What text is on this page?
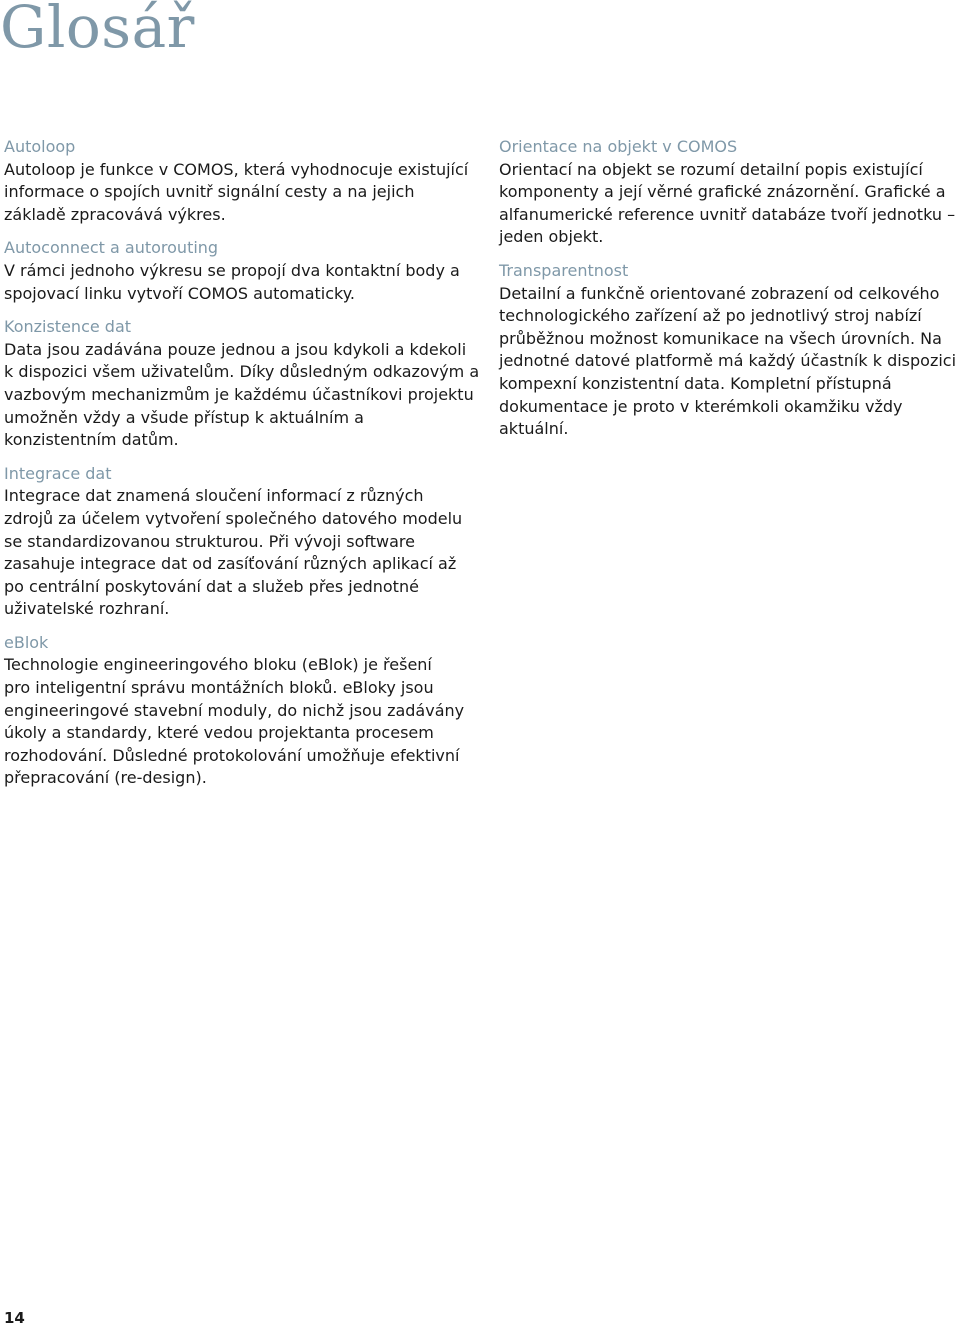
Glosář
Autoloop
Autoloop je funkce v COMOS, která vyhodnocuje existující
informace o spojích uvnitř signální cesty a na jejich
základě zpracovává výkres.
Autoconnect a autorouting
V rámci jednoho výkresu se propojí dva kontaktní body a
spojovací linku vytvoří COMOS automaticky.
Konzistence dat
Data jsou zadávána pouze jednou a jsou kdykoli a kdekoli
k dispozici všem uživatelům. Díky důsledným odkazovým a
vazbovým mechanizmům je každému účastníkovi projektu
umožněn vždy a všude přístup k aktuálním a
konzistentním datům.
Integrace dat
Integrace dat znamená sloučení informací z různých
zdrojů za účelem vytvoření společného datového modelu
se standardizovanou strukturou. Při vývoji software
zasahuje integrace dat od zasíťování různých aplikací až
po centrální poskytování dat a služeb přes jednotné
uživatelské rozhraní.
eBlok
Technologie engineeringového bloku (eBlok) je řešení
pro inteligentní správu montážních bloků. eBloky jsou
engineeringové stavební moduly, do nichž jsou zadávány
úkoly a standardy, které vedou projektanta procesem
rozhodování. Důsledné protokolování umožňuje efektivní
přepracování (re-design).
Orientace na objekt v COMOS
Orientací na objekt se rozumí detailní popis existující
komponenty a její věrné grafické znázornění. Grafické a
alfanumerické reference uvnitř databáze tvoří jednotku –
jeden objekt.
Transparentnost
Detailní a funkčně orientované zobrazení od celkového
technologického zařízení až po jednotlivý stroj nabízí
průběžnou možnost komunikace na všech úrovních. Na
jednotné datové platformě má každý účastník k dispozici
kompexní konzistentní data. Kompletní přístupná
dokumentace je proto v kterémkoli okamžiku vždy
aktuální.
14
